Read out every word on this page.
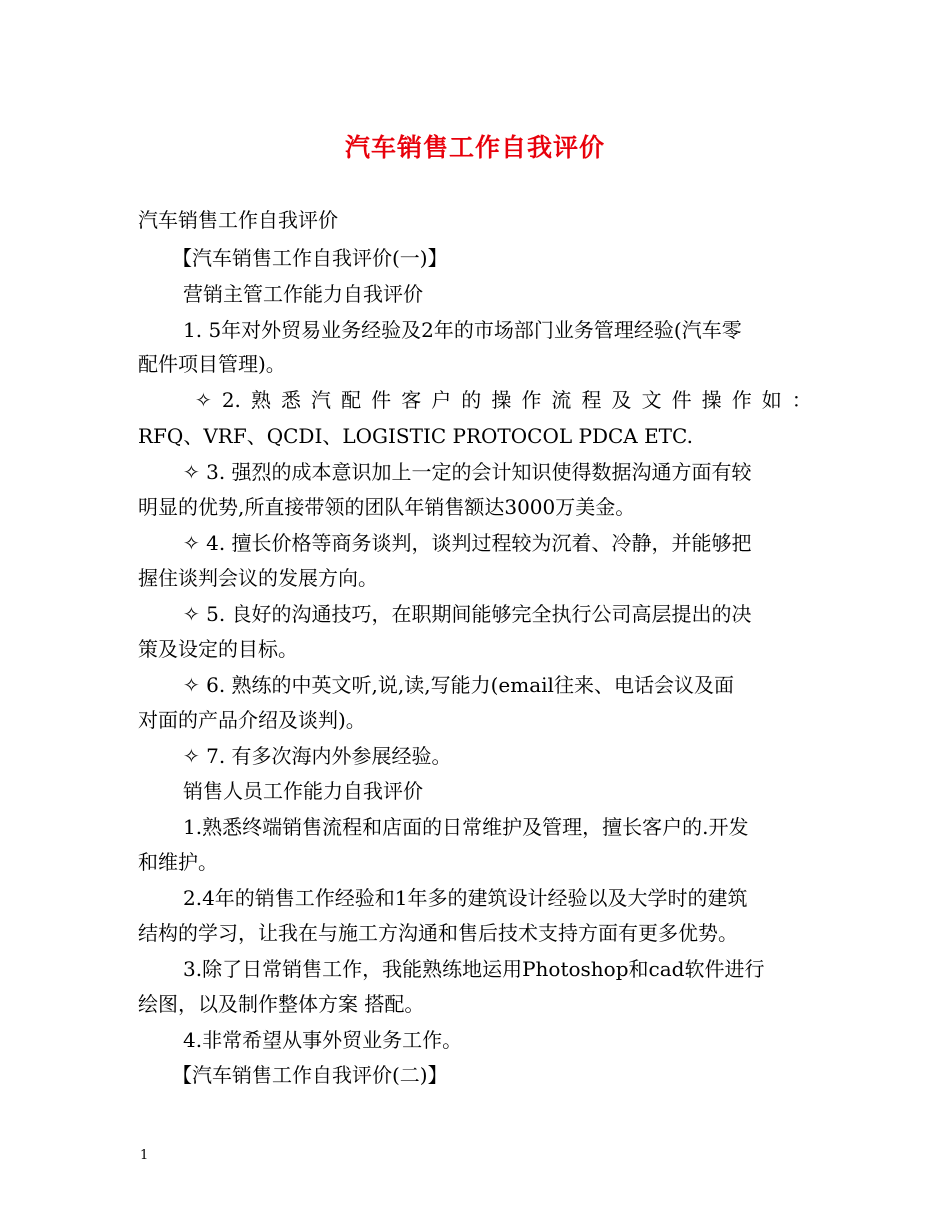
汽车销售工作自我评价
汽车销售工作自我评价
【汽车销售工作自我评价(一)】
营销主管工作能力自我评价
1. 5年对外贸易业务经验及2年的市场部门业务管理经验(汽车零
配件项目管理)。
✧ 2. 熟 悉 汽 配 件 客 户 的 操 作 流 程 及 文 件 操 作 如 ：
RFQ、VRF、QCDI、LOGISTIC PROTOCOL PDCA ETC.
✧ 3. 强烈的成本意识加上一定的会计知识使得数据沟通方面有较
明显的优势,所直接带领的团队年销售额达3000万美金。
✧ 4. 擅长价格等商务谈判，谈判过程较为沉着、冷静，并能够把
握住谈判会议的发展方向。
✧ 5. 良好的沟通技巧，在职期间能够完全执行公司高层提出的决
策及设定的目标。
✧ 6. 熟练的中英文听,说,读,写能力(email往来、电话会议及面
对面的产品介绍及谈判)。
✧ 7. 有多次海内外参展经验。
销售人员工作能力自我评价
1.熟悉终端销售流程和店面的日常维护及管理，擅长客户的.开发
和维护。
2.4年的销售工作经验和1年多的建筑设计经验以及大学时的建筑
结构的学习，让我在与施工方沟通和售后技术支持方面有更多优势。
3.除了日常销售工作，我能熟练地运用Photoshop和cad软件进行
绘图，以及制作整体方案 搭配。
4.非常希望从事外贸业务工作。
【汽车销售工作自我评价(二)】
1
